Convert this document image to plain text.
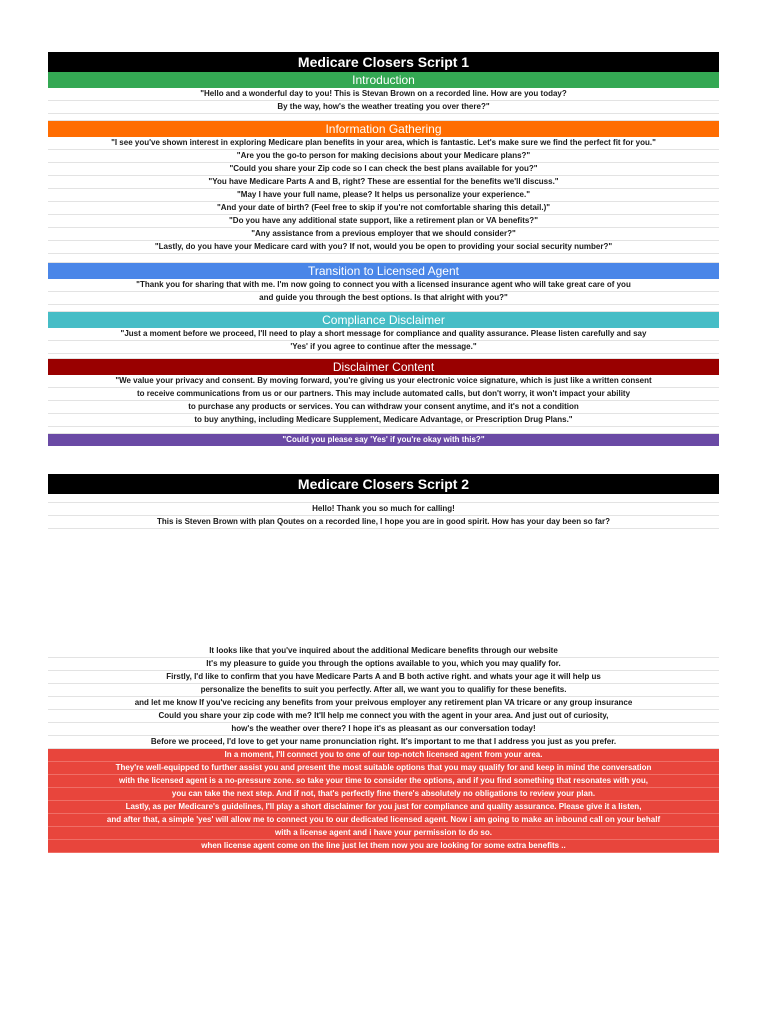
Medicare Closers Script 1
Introduction
"Hello and a wonderful day to you! This is Stevan Brown on a recorded line. How are you today?
By the way, how's the weather treating you over there?"
Information Gathering
"I see you've shown interest in exploring Medicare plan benefits in your area, which is fantastic. Let's make sure we find the perfect fit for you."
"Are you the go-to person for making decisions about your Medicare plans?"
"Could you share your Zip code so I can check the best plans available for you?"
"You have Medicare Parts A and B, right? These are essential for the benefits we'll discuss."
"May I have your full name, please? It helps us personalize your experience."
"And your date of birth? (Feel free to skip if you're not comfortable sharing this detail.)"
"Do you have any additional state support, like a retirement plan or VA benefits?"
"Any assistance from a previous employer that we should consider?"
"Lastly, do you have your Medicare card with you? If not, would you be open to providing your social security number?"
Transition to Licensed Agent
"Thank you for sharing that with me. I'm now going to connect you with a licensed insurance agent who will take great care of you
and guide you through the best options. Is that alright with you?"
Compliance Disclaimer
"Just a moment before we proceed, I'll need to play a short message for compliance and quality assurance. Please listen carefully and say
'Yes' if you agree to continue after the message."
Disclaimer Content
"We value your privacy and consent. By moving forward, you're giving us your electronic voice signature, which is just like a written consent
to receive communications from us or our partners. This may include automated calls, but don't worry, it won't impact your ability
to purchase any products or services. You can withdraw your consent anytime, and it's not a condition
to buy anything, including Medicare Supplement, Medicare Advantage, or Prescription Drug Plans."
"Could you please say 'Yes' if you're okay with this?"
Medicare Closers Script 2
Hello! Thank you so much for calling!
This is Steven Brown with plan Qoutes on a recorded line, I hope you are in good spirit. How has your day been so far?
It looks like that you've inquired about the additional Medicare benefits through our website
It's my pleasure to guide you through the options available to you, which you may qualify for.
Firstly, I'd like to confirm that you have Medicare Parts A and B both active right. and whats your age it will help us
personalize the benefits to suit you perfectly. After all, we want you to qualifiy for these benefits.
and let me know If you've recicing any benefits from your preivous employer any retirement plan VA tricare or any group insurance
Could you share your zip code with me? It'll help me connect you with the agent in your area. And just out of curiosity,
how's the weather over there? I hope it's as pleasant as our conversation today!
Before we proceed, I'd love to get your name pronunciation right. It's important to me that I address you just as you prefer.
In a moment, I'll connect you to one of our top-notch licensed agent from your area.
They're well-equipped to further assist you and present the most suitable options that you may qualify for and keep in mind the conversation
with the licensed agent is a no-pressure zone. so take your time to consider the options, and if you find something that resonates with you,
you can take the next step. And if not, that's perfectly fine there's absolutely no obligations to review your plan.
Lastly, as per Medicare's guidelines, I'll play a short disclaimer for you just for compliance and quality assurance. Please give it a listen,
and after that, a simple 'yes' will allow me to connect you to our dedicated licensed agent. Now i am going to make an inbound call on your behalf
with a license agent and i have your permission to do so.
when license agent come on the line just let them now you are looking for some extra benefits ..
